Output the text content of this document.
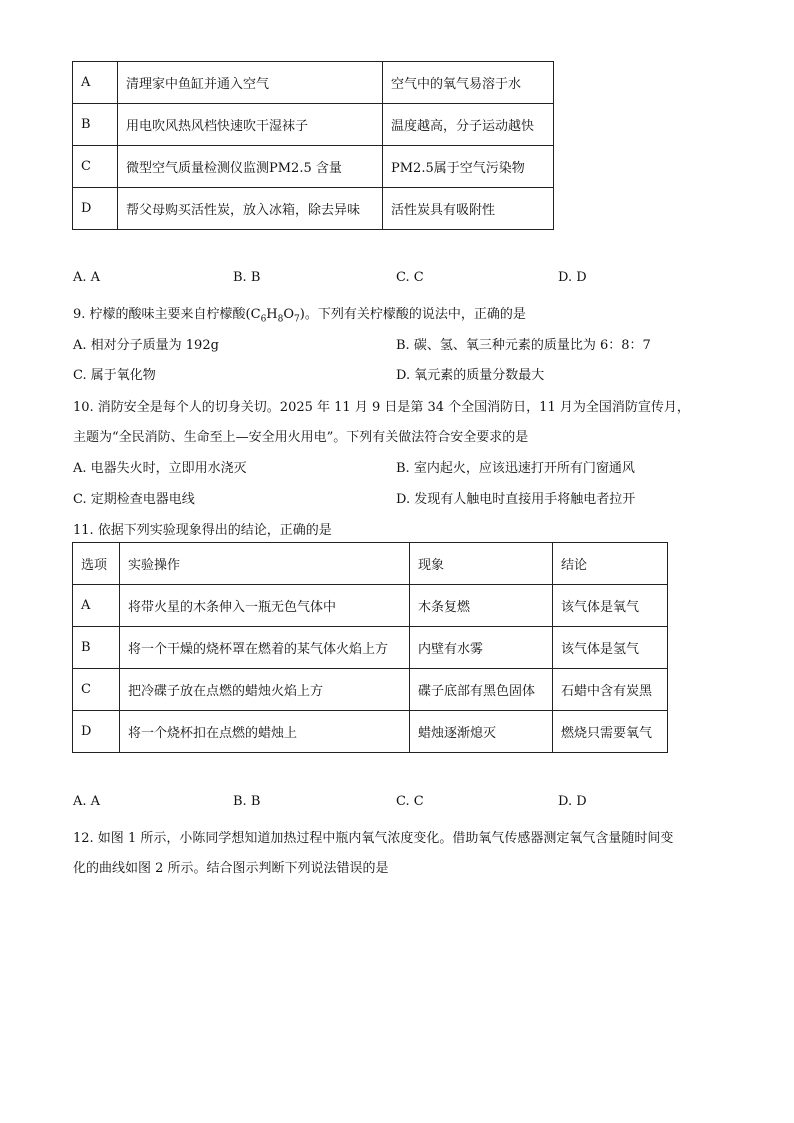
A	清理家中鱼缸并通入空气	空气中的氧气易溶于水
B	用电吹风热风档快速吹干湿袜子	温度越高，分子运动越快
C	微型空气质量检测仪监测PM2.5 含量	PM2.5属于空气污染物
D	帮父母购买活性炭，放入冰箱，除去异味	活性炭具有吸附性
A. A	B. B	C. C	D. D
9. 柠檬的酸味主要来自柠檬酸$(C_6H_8O_7)$。下列有关柠檬酸的说法中，正确的是
A. 相对分子质量为 192g	B. 碳、氢、氧三种元素的质量比为 6：8：7
C. 属于氧化物	D. 氧元素的质量分数最大
10. 消防安全是每个人的切身关切。2025 年 11 月 9 日是第 34 个全国消防日，11 月为全国消防宣传月，
主题为“全民消防、生命至上—安全用火用电”。下列有关做法符合安全要求的是
A. 电器失火时，立即用水浇灭	B. 室内起火，应该迅速打开所有门窗通风
C. 定期检查电器电线	D. 发现有人触电时直接用手将触电者拉开
11. 依据下列实验现象得出的结论，正确的是
选项	实验操作	现象	结论
A	将带火星的木条伸入一瓶无色气体中	木条复燃	该气体是氧气
B	将一个干燥的烧杯罩在燃着的某气体火焰上方	内壁有水雾	该气体是氢气
C	把冷碟子放在点燃的蜡烛火焰上方	碟子底部有黑色固体	石蜡中含有炭黑
D	将一个烧杯扣在点燃的蜡烛上	蜡烛逐渐熄灭	燃烧只需要氧气
A. A	B. B	C. C	D. D
12. 如图 1 所示，小陈同学想知道加热过程中瓶内氧气浓度变化。借助氧气传感器测定氧气含量随时间变
化的曲线如图 2 所示。结合图示判断下列说法错误的是
